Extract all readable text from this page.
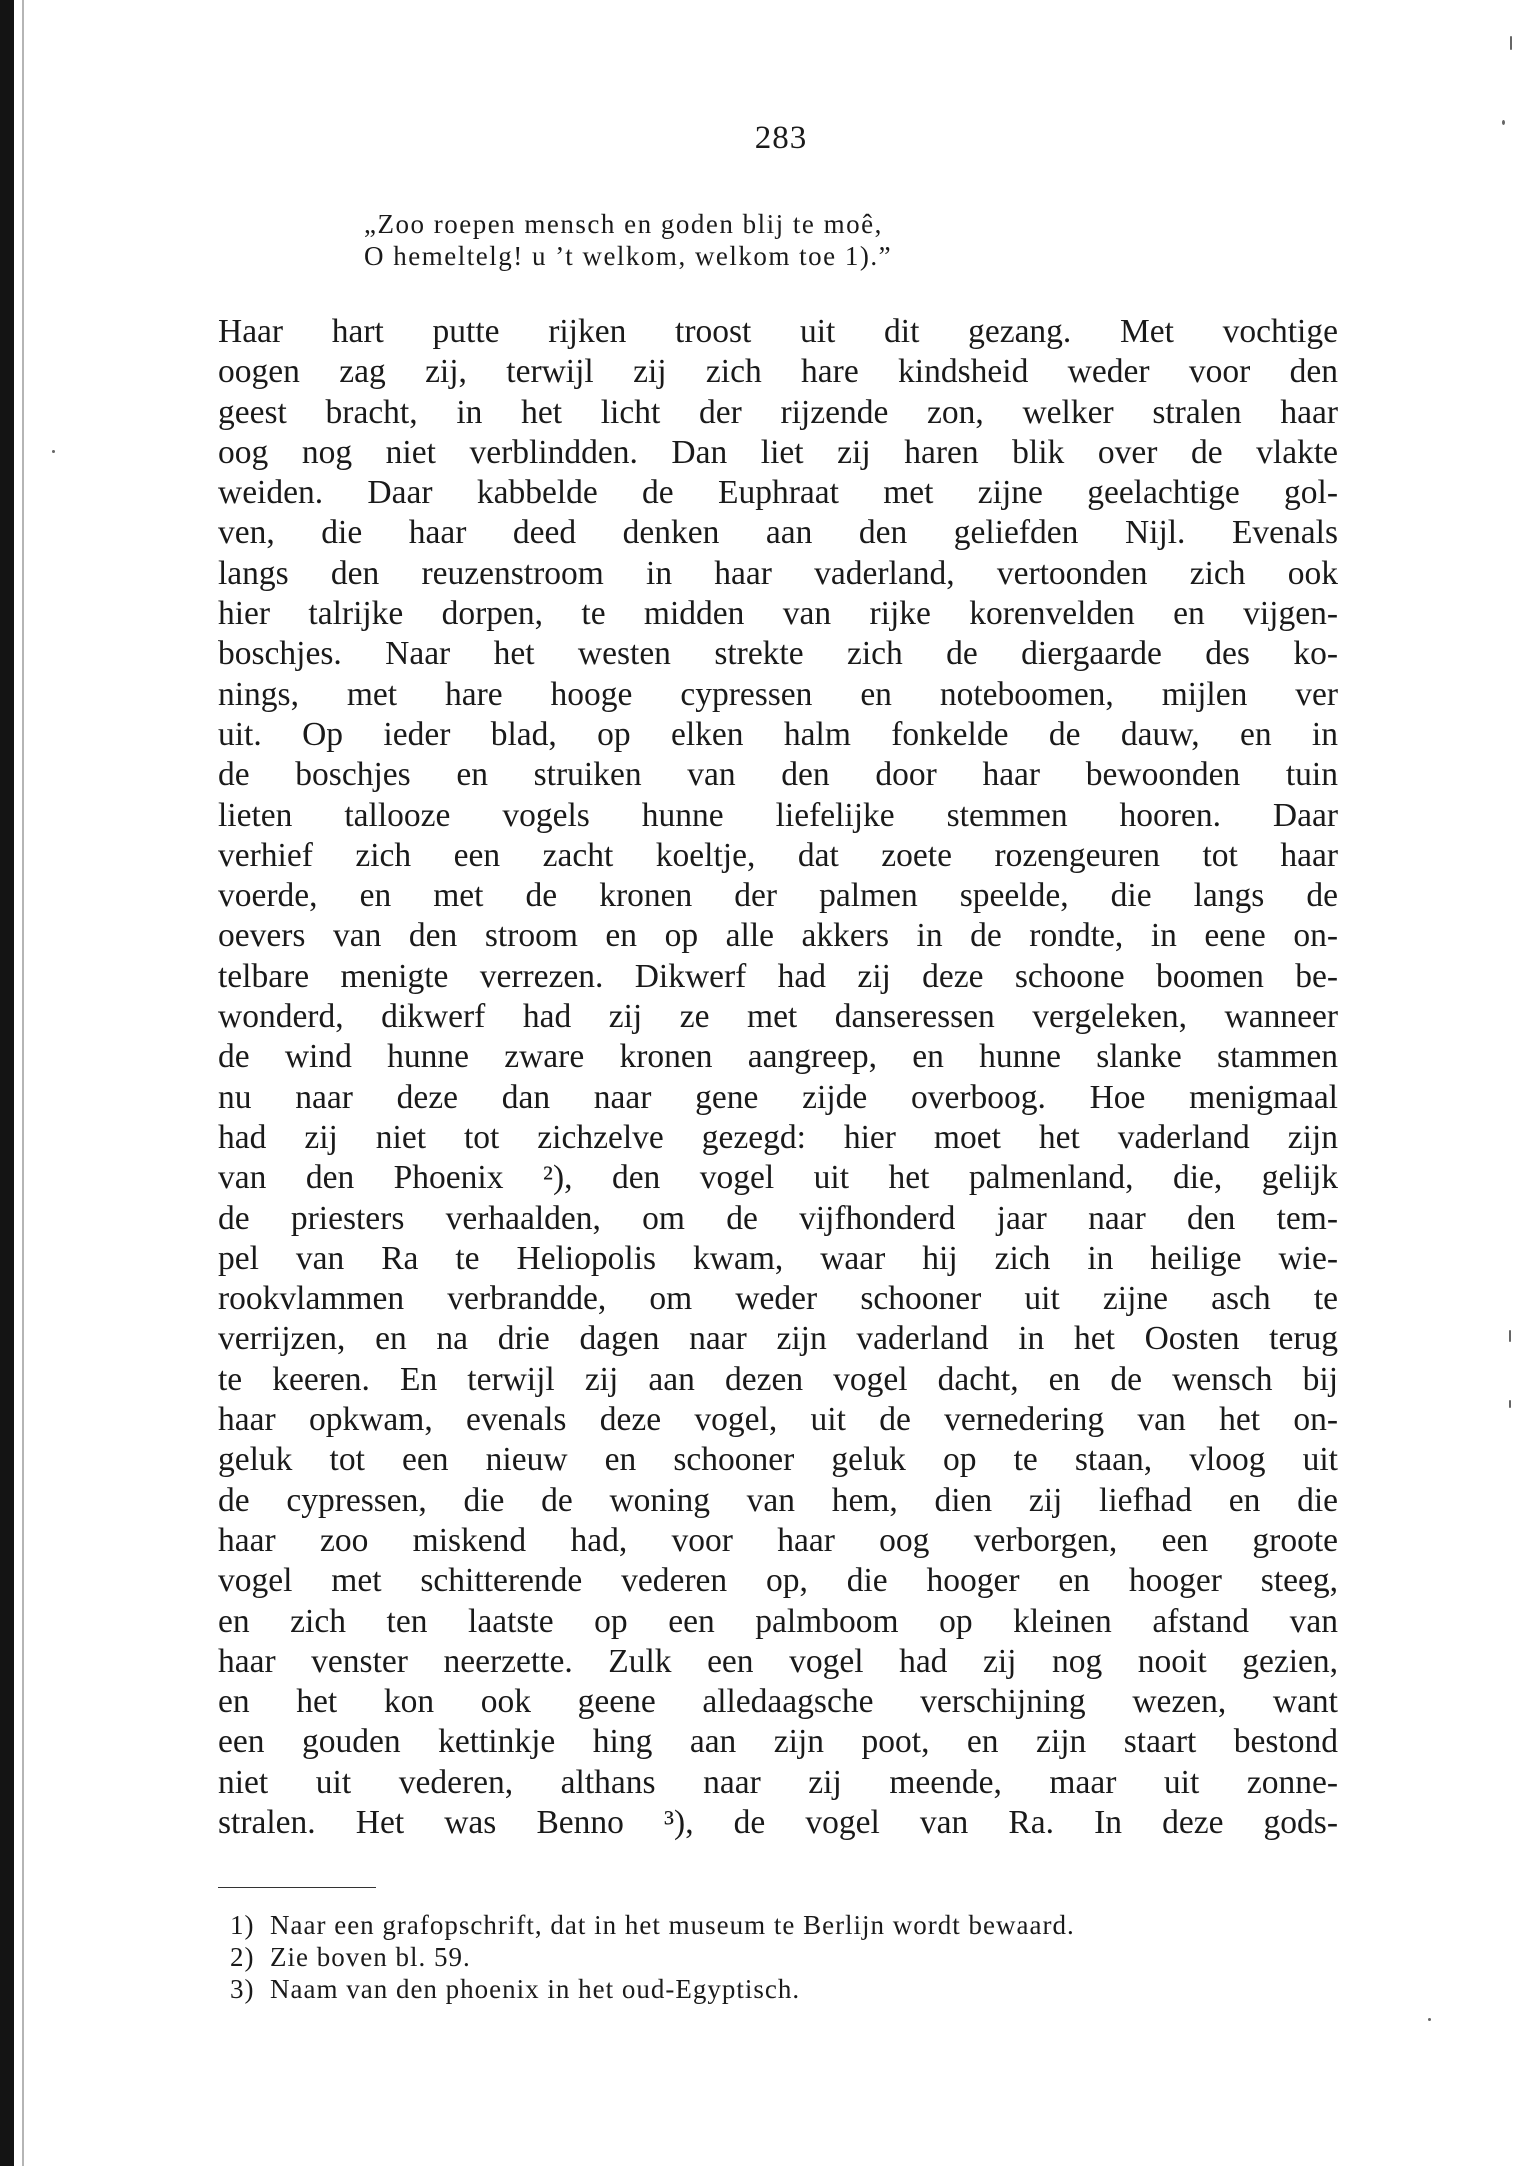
283
„Zoo roepen mensch en goden blij te moê,
O hemeltelg! u ’t welkom, welkom toe 1).”
Haar hart putte rijken troost uit dit gezang. Met vochtige
oogen zag zij, terwijl zij zich hare kindsheid weder voor den
geest bracht, in het licht der rijzende zon, welker stralen haar
oog nog niet verblindden. Dan liet zij haren blik over de vlakte
weiden. Daar kabbelde de Euphraat met zijne geelachtige gol-
ven, die haar deed denken aan den geliefden Nijl. Evenals
langs den reuzenstroom in haar vaderland, vertoonden zich ook
hier talrijke dorpen, te midden van rijke korenvelden en vijgen-
boschjes. Naar het westen strekte zich de diergaarde des ko-
nings, met hare hooge cypressen en noteboomen, mijlen ver
uit. Op ieder blad, op elken halm fonkelde de dauw, en in
de boschjes en struiken van den door haar bewoonden tuin
lieten tallooze vogels hunne liefelijke stemmen hooren. Daar
verhief zich een zacht koeltje, dat zoete rozengeuren tot haar
voerde, en met de kronen der palmen speelde, die langs de
oevers van den stroom en op alle akkers in de rondte, in eene on-
telbare menigte verrezen. Dikwerf had zij deze schoone boomen be-
wonderd, dikwerf had zij ze met danseressen vergeleken, wanneer
de wind hunne zware kronen aangreep, en hunne slanke stammen
nu naar deze dan naar gene zijde overboog. Hoe menigmaal
had zij niet tot zichzelve gezegd: hier moet het vaderland zijn
van den Phoenix ²), den vogel uit het palmenland, die, gelijk
de priesters verhaalden, om de vijfhonderd jaar naar den tem-
pel van Ra te Heliopolis kwam, waar hij zich in heilige wie-
rookvlammen verbrandde, om weder schooner uit zijne asch te
verrijzen, en na drie dagen naar zijn vaderland in het Oosten terug
te keeren. En terwijl zij aan dezen vogel dacht, en de wensch bij
haar opkwam, evenals deze vogel, uit de vernedering van het on-
geluk tot een nieuw en schooner geluk op te staan, vloog uit
de cypressen, die de woning van hem, dien zij liefhad en die
haar zoo miskend had, voor haar oog verborgen, een groote
vogel met schitterende vederen op, die hooger en hooger steeg,
en zich ten laatste op een palmboom op kleinen afstand van
haar venster neerzette. Zulk een vogel had zij nog nooit gezien,
en het kon ook geene alledaagsche verschijning wezen, want
een gouden kettinkje hing aan zijn poot, en zijn staart bestond
niet uit vederen, althans naar zij meende, maar uit zonne-
stralen. Het was Benno ³), de vogel van Ra. In deze gods-
1) Naar een grafopschrift, dat in het museum te Berlijn wordt bewaard.
2) Zie boven bl. 59.
3) Naam van den phoenix in het oud-Egyptisch.
